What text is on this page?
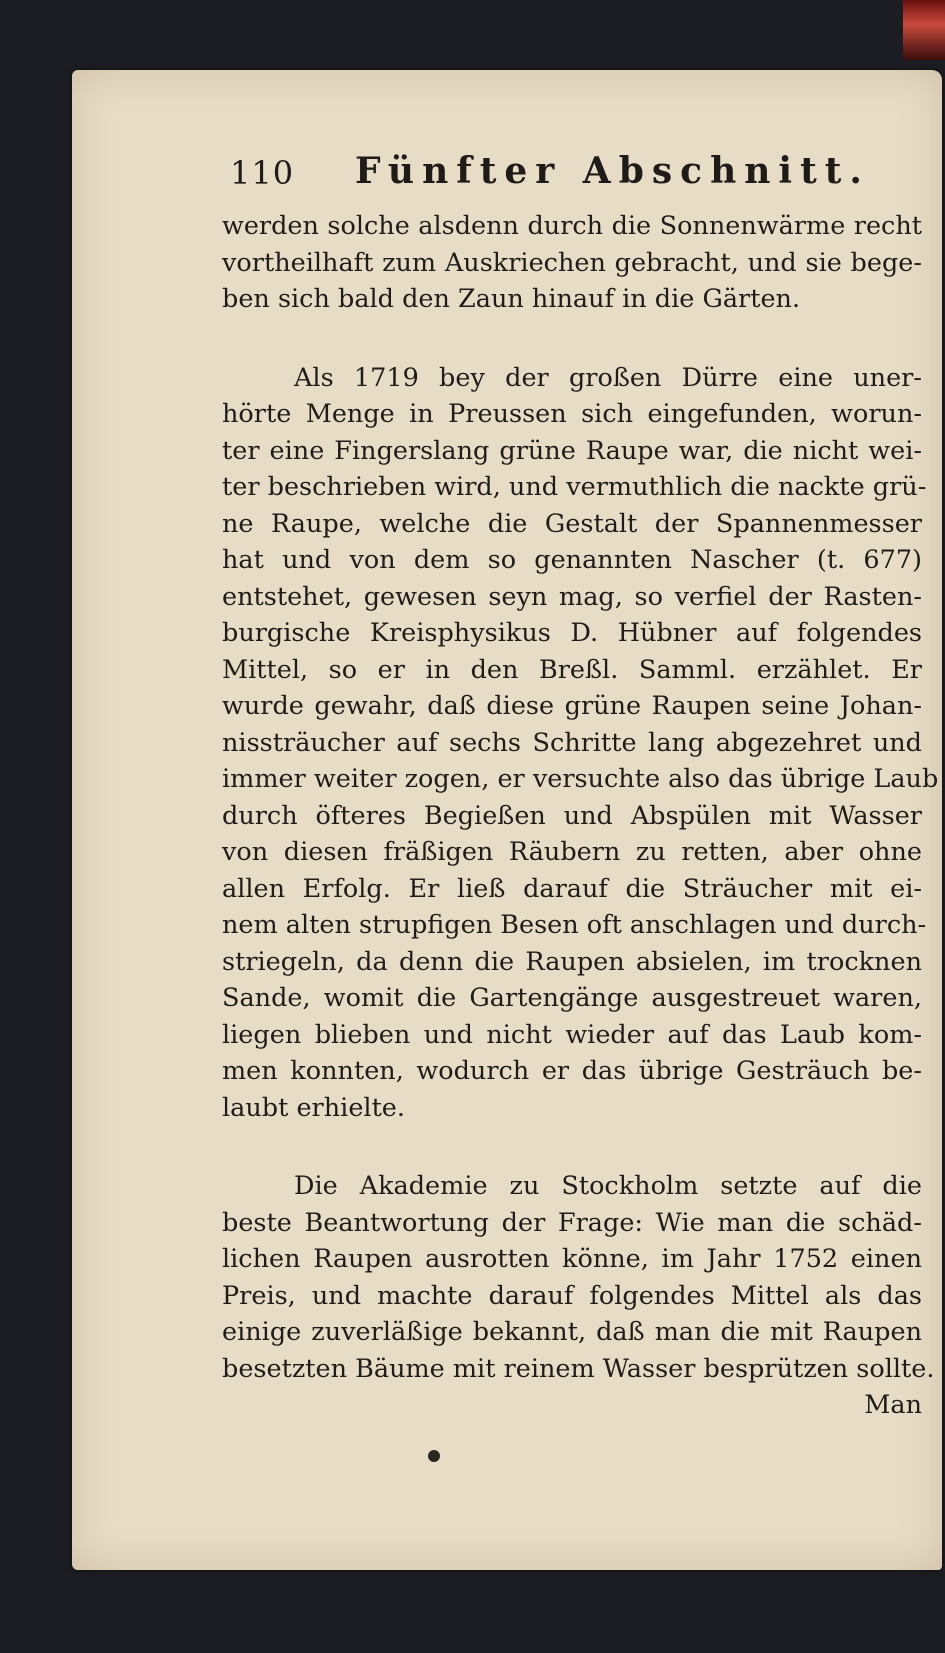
110 Fünfter Abschnitt.
werden solche alsdenn durch die Sonnenwärme recht
vortheilhaft zum Auskriechen gebracht, und sie bege-
ben sich bald den Zaun hinauf in die Gärten.
Als 1719 bey der großen Dürre eine uner-
hörte Menge in Preussen sich eingefunden, worun-
ter eine Fingerslang grüne Raupe war, die nicht wei-
ter beschrieben wird, und vermuthlich die nackte grü-
ne Raupe, welche die Gestalt der Spannenmesser
hat und von dem so genannten Nascher (t. 677)
entstehet, gewesen seyn mag, so verfiel der Rasten-
burgische Kreisphysikus D. Hübner auf folgendes
Mittel, so er in den Breßl. Samml. erzählet. Er
wurde gewahr, daß diese grüne Raupen seine Johan-
nissträucher auf sechs Schritte lang abgezehret und
immer weiter zogen, er versuchte also das übrige Laub
durch öfteres Begießen und Abspülen mit Wasser
von diesen fräßigen Räubern zu retten, aber ohne
allen Erfolg. Er ließ darauf die Sträucher mit ei-
nem alten strupfigen Besen oft anschlagen und durch-
striegeln, da denn die Raupen absielen, im trocknen
Sande, womit die Gartengänge ausgestreuet waren,
liegen blieben und nicht wieder auf das Laub kom-
men konnten, wodurch er das übrige Gesträuch be-
laubt erhielte.
Die Akademie zu Stockholm setzte auf die
beste Beantwortung der Frage: Wie man die schäd-
lichen Raupen ausrotten könne, im Jahr 1752 einen
Preis, und machte darauf folgendes Mittel als das
einige zuverläßige bekannt, daß man die mit Raupen
besetzten Bäume mit reinem Wasser besprützen sollte.
Man
